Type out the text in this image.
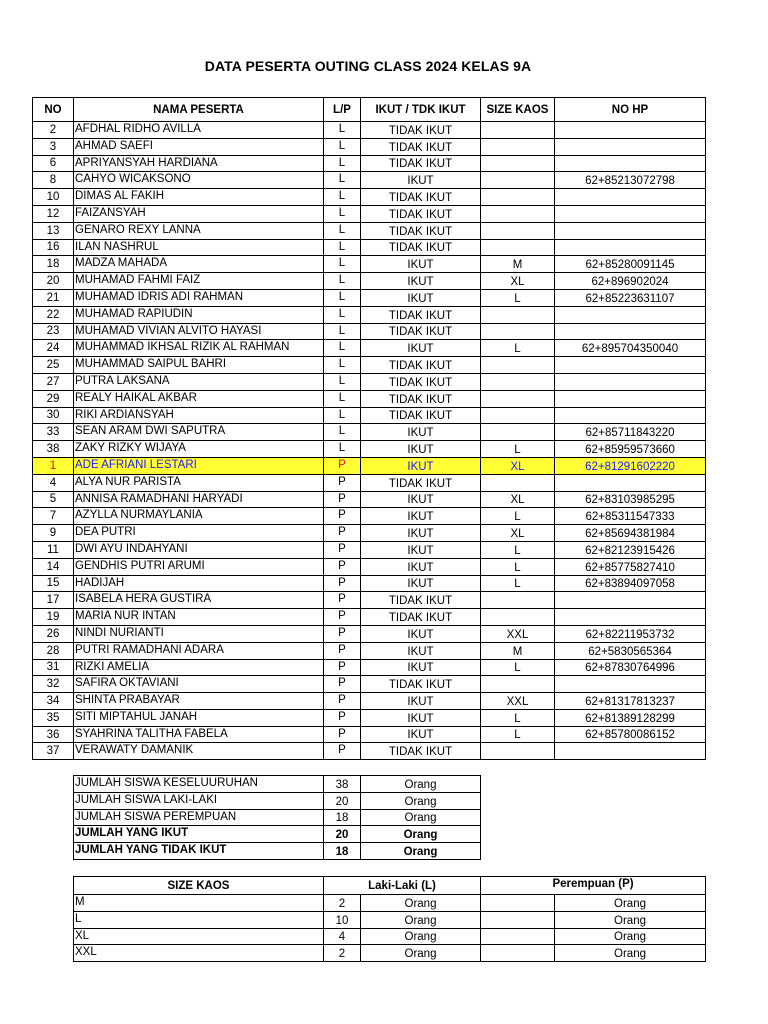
DATA PESERTA OUTING CLASS 2024 KELAS 9A
NO	NAMA PESERTA	L/P	IKUT / TDK IKUT	SIZE KAOS	NO HP
2	AFDHAL RIDHO AVILLA	L	TIDAK IKUT		
3	AHMAD SAEFI	L	TIDAK IKUT		
6	APRIYANSYAH HARDIANA	L	TIDAK IKUT		
8	CAHYO WICAKSONO	L	IKUT		62+85213072798
10	DIMAS AL FAKIH	L	TIDAK IKUT		
12	FAIZANSYAH	L	TIDAK IKUT		
13	GENARO REXY LANNA	L	TIDAK IKUT		
16	ILAN NASHRUL	L	TIDAK IKUT		
18	MADZA MAHADA	L	IKUT	M	62+85280091145
20	MUHAMAD FAHMI FAIZ	L	IKUT	XL	62+896902024
21	MUHAMAD IDRIS ADI RAHMAN	L	IKUT	L	62+85223631107
22	MUHAMAD RAPIUDIN	L	TIDAK IKUT		
23	MUHAMAD VIVIAN ALVITO HAYASI	L	TIDAK IKUT		
24	MUHAMMAD IKHSAL RIZIK AL RAHMAN	L	IKUT	L	62+895704350040
25	MUHAMMAD SAIPUL BAHRI	L	TIDAK IKUT		
27	PUTRA LAKSANA	L	TIDAK IKUT		
29	REALY HAIKAL AKBAR	L	TIDAK IKUT		
30	RIKI ARDIANSYAH	L	TIDAK IKUT		
33	SEAN ARAM DWI SAPUTRA	L	IKUT		62+85711843220
38	ZAKY RIZKY WIJAYA	L	IKUT	L	62+85959573660
1	ADE AFRIANI LESTARI	P	IKUT	XL	62+81291602220
4	ALYA NUR PARISTA	P	TIDAK IKUT		
5	ANNISA RAMADHANI HARYADI	P	IKUT	XL	62+83103985295
7	AZYLLA NURMAYLANIA	P	IKUT	L	62+85311547333
9	DEA PUTRI	P	IKUT	XL	62+85694381984
11	DWI AYU INDAHYANI	P	IKUT	L	62+82123915426
14	GENDHIS PUTRI ARUMI	P	IKUT	L	62+85775827410
15	HADIJAH	P	IKUT	L	62+83894097058
17	ISABELA HERA GUSTIRA	P	TIDAK IKUT		
19	MARIA NUR INTAN	P	TIDAK IKUT		
26	NINDI NURIANTI	P	IKUT	XXL	62+82211953732
28	PUTRI RAMADHANI ADARA	P	IKUT	M	62+5830565364
31	RIZKI AMELIA	P	IKUT	L	62+87830764996
32	SAFIRA OKTAVIANI	P	TIDAK IKUT		
34	SHINTA PRABAYAR	P	IKUT	XXL	62+81317813237
35	SITI MIPTAHUL JANAH	P	IKUT	L	62+81389128299
36	SYAHRINA TALITHA FABELA	P	IKUT	L	62+85780086152
37	VERAWATY DAMANIK	P	TIDAK IKUT		
JUMLAH SISWA KESELUURUHAN	38	Orang
JUMLAH SISWA LAKI-LAKI	20	Orang
JUMLAH SISWA PEREMPUAN	18	Orang
JUMLAH YANG IKUT	20	Orang
JUMLAH YANG TIDAK IKUT	18	Orang
SIZE KAOS	Laki-Laki (L)		Perempuan (P)	
M	2	Orang		Orang
L	10	Orang		Orang
XL	4	Orang		Orang
XXL	2	Orang		Orang
